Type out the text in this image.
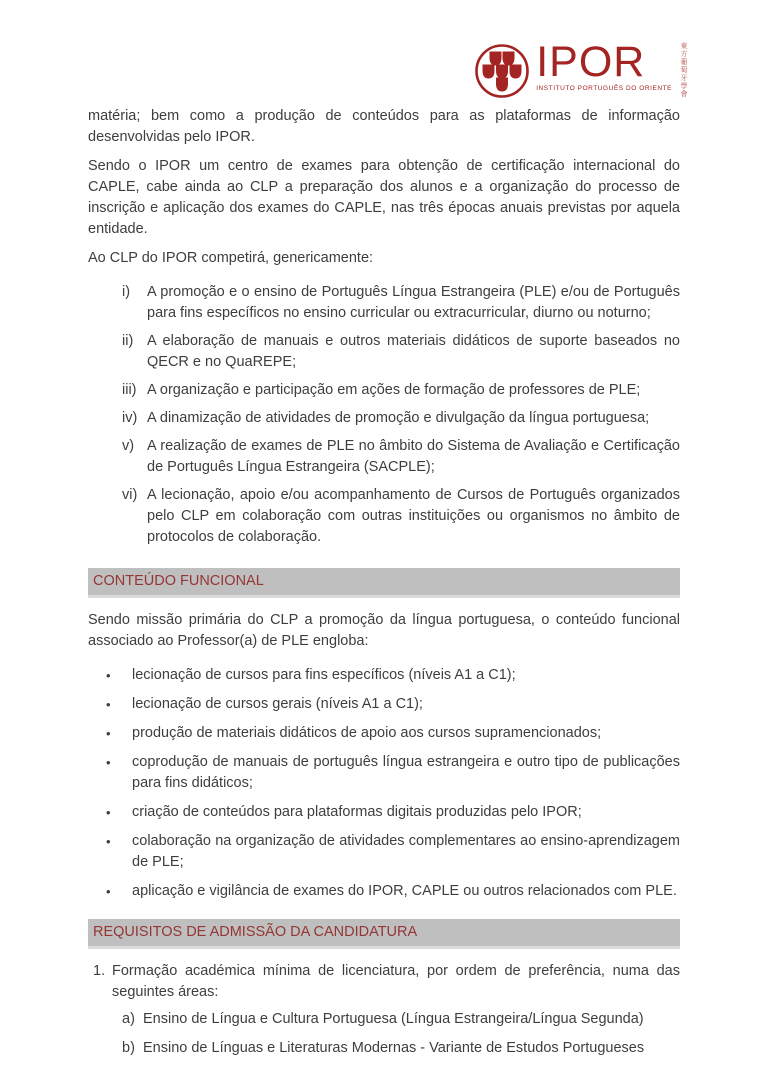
IPOR
INSTITUTO PORTUGUÊS DO ORIENTE 東方葡萄牙學會

matéria; bem como a produção de conteúdos para as plataformas de informação desenvolvidas pelo IPOR.

Sendo o IPOR um centro de exames para obtenção de certificação internacional do CAPLE, cabe ainda ao CLP a preparação dos alunos e a organização do processo de inscrição e aplicação dos exames do CAPLE, nas três épocas anuais previstas por aquela entidade.

Ao CLP do IPOR competirá, genericamente:

i)	A promoção e o ensino de Português Língua Estrangeira (PLE) e/ou de Português para fins específicos no ensino curricular ou extracurricular, diurno ou noturno;
ii) A elaboração de manuais e outros materiais didáticos de suporte baseados no QECR e no QuaREPE;
iii) A organização e participação em ações de formação de professores de PLE;
iv) A dinamização de atividades de promoção e divulgação da língua portuguesa;
v) A realização de exames de PLE no âmbito do Sistema de Avaliação e Certificação de Português Língua Estrangeira (SACPLE);
vi) A lecionação, apoio e/ou acompanhamento de Cursos de Português organizados pelo CLP em colaboração com outras instituições ou organismos no âmbito de protocolos de colaboração.
CONTEÚDO FUNCIONAL

Sendo missão primária do CLP a promoção da língua portuguesa, o conteúdo funcional associado ao Professor(a) de PLE engloba:

•	lecionação de cursos para fins específicos (níveis A1 a C1);
•	lecionação de cursos gerais (níveis A1 a C1);
•	produção de materiais didáticos de apoio aos cursos supramencionados;
•	coprodução de manuais de português língua estrangeira e outro tipo de publicações para fins didáticos;
•	criação de conteúdos para plataformas digitais produzidas pelo IPOR;
•	colaboração na organização de atividades complementares ao ensino-aprendizagem de PLE;
•	aplicação e vigilância de exames do IPOR, CAPLE ou outros relacionados com PLE.
REQUISITOS DE ADMISSÃO DA CANDIDATURA
1. Formação académica mínima de licenciatura, por ordem de preferência, numa das seguintes áreas:
a) Ensino de Língua e Cultura Portuguesa (Língua Estrangeira/Língua Segunda)
b) Ensino de Línguas e Literaturas Modernas - Variante de Estudos Portugueses
